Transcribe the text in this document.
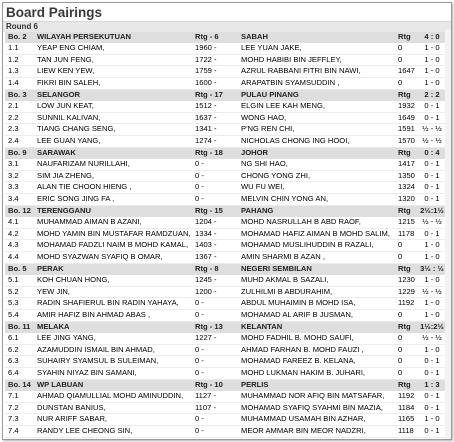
Board Pairings
Round 6
Bo. 2	WILAYAH PERSEKUTUAN	Rtg - 6		SABAH	Rtg	4 : 0
1.1	YEAP ENG CHIAM,	1960 -		LEE YUAN JAKE,	0	1 - 0
1.2	TAN JUN FENG,	1722 -		MOHD HABIBI BIN JEFFLEY,	0	1 - 0
1.3	LIEW KEN YEW,	1759 -		AZRUL RABBANI FITRI BIN NAWI,	1647	1 - 0
1.4	FIKRI BIN SALEH,	1600 -		ARAPATBIN SYAMSUDDIN ,	0	1 - 0
Bo. 3	SELANGOR	Rtg - 17		PULAU PINANG	Rtg	2 : 2
2.1	LOW JUN KEAT,	1512 -		ELGIN LEE KAH MENG,	1932	0 - 1
2.2	SUNNIL KALIVAN,	1637 -		WONG HAO,	1649	0 - 1
2.3	TIANG CHANG SENG,	1341 -		P'NG REN CHI,	1591	½ - ½
2.4	LEE GUAN YANG,	1274 -		NICHOLAS CHONG ING HOOI,	1570	½ - ½
Bo. 9	SARAWAK	Rtg - 18		JOHOR	Rtg	0 : 4
3.1	NAUFARIZAM NURILLAHI,	0 -		NG SHI HAO,	1417	0 - 1
3.2	SIM JIA ZHENG,	0 -		CHONG YONG ZHI,	1350	0 - 1
3.3	ALAN TIE CHOON HIENG ,	0 -		WU FU WEI,	1324	0 - 1
3.4	ERIC SONG JING FA ,	0 -		MELVIN CHIN YONG AN,	1320	0 - 1
Bo. 12	TERENGGANU	Rtg - 15		PAHANG	Rtg	2½:1½
4.1	MUHAMMAD AIMAN B AZANI,	1204 -		MOHD NASRULLAH B ABD RAOF,	1215	½ - ½
4.2	MOHD YAMIN BIN MUSTAFAR RAMDZUAN,	1334 -		MOHAMAD HAFIZ AIMAN B MOHD SALIM,	1178	0 - 1
4.3	MOHAMAD FADZLI NAIM B MOHD KAMAL,	1403 -		MOHAMAD MUSLIHUDDIN B RAZALI,	0	1 - 0
4.4	MOHD SYAZWAN SYAFIQ B OMAR,	1367 -		AMIN SHARMI B AZAN ,	0	1 - 0
Bo. 5	PERAK	Rtg - 8		NEGERI SEMBILAN	Rtg	3½ : ½
5.1	KOH CHUAN HONG,	1245 -		MUHD AKMAL B SAZALI,	1230	1 - 0
5.2	YEW JIN,	1200 -		ZULHILMI B ABDURAHIM,	1229	½ - ½
5.3	RADIN SHAFIERUL BIN RADIN YAHAYA,	0 -		ABDUL MUHAIMIN B MOHD ISA,	1192	1 - 0
5.4	AMIR HAFIZ BIN AHMAD ABAS ,	0 -		MOHAMAD AL ARIF B JUSMAN,	0	1 - 0
Bo. 11	MELAKA	Rtg - 13		KELANTAN	Rtg	1½:2½
6.1	LEE JING YANG,	1227 -		MOHD FADHIL B. MOHD SAUFI,	0	½ - ½
6.2	AZAMUDDIN ISMAIL BIN AHMAD,	0 -		AHMAD FARHAN B. MOHD FAUZI ,	0	1 - 0
6.3	SUHAIRY SYAMSUL B SULEIMAN,	0 -		MOHAMAD FAREEZ B. KELANA,	0	0 - 1
6.4	SYAHIN NIYAZ BIN SAMANI,	0 -		MOHD LUKMAN HAKIM B. JUHARI,	0	0 - 1
Bo. 14	WP LABUAN	Rtg - 10		PERLIS	Rtg	1 : 3
7.1	AHMAD QIAMULLIAL MOHD AMINUDDIN,	1127 -		MUHAMMAD NOR AFIQ BIN MATSAFAR,	1192	0 - 1
7.2	DUNSTAN BANIUS,	1107 -		MOHAMAD SYAFIQ SYAHMI BIN MAZIA,	1184	0 - 1
7.3	NUR ARIFF SABAR,	0 -		MUHAMMAD USAMAH BIN AZHAR,	1165	1 - 0
7.4	RANDY LEE CHEONG SIN,	0 -		MEOR AMMAR BIN MEOR NADZRI,	1118	0 - 1
